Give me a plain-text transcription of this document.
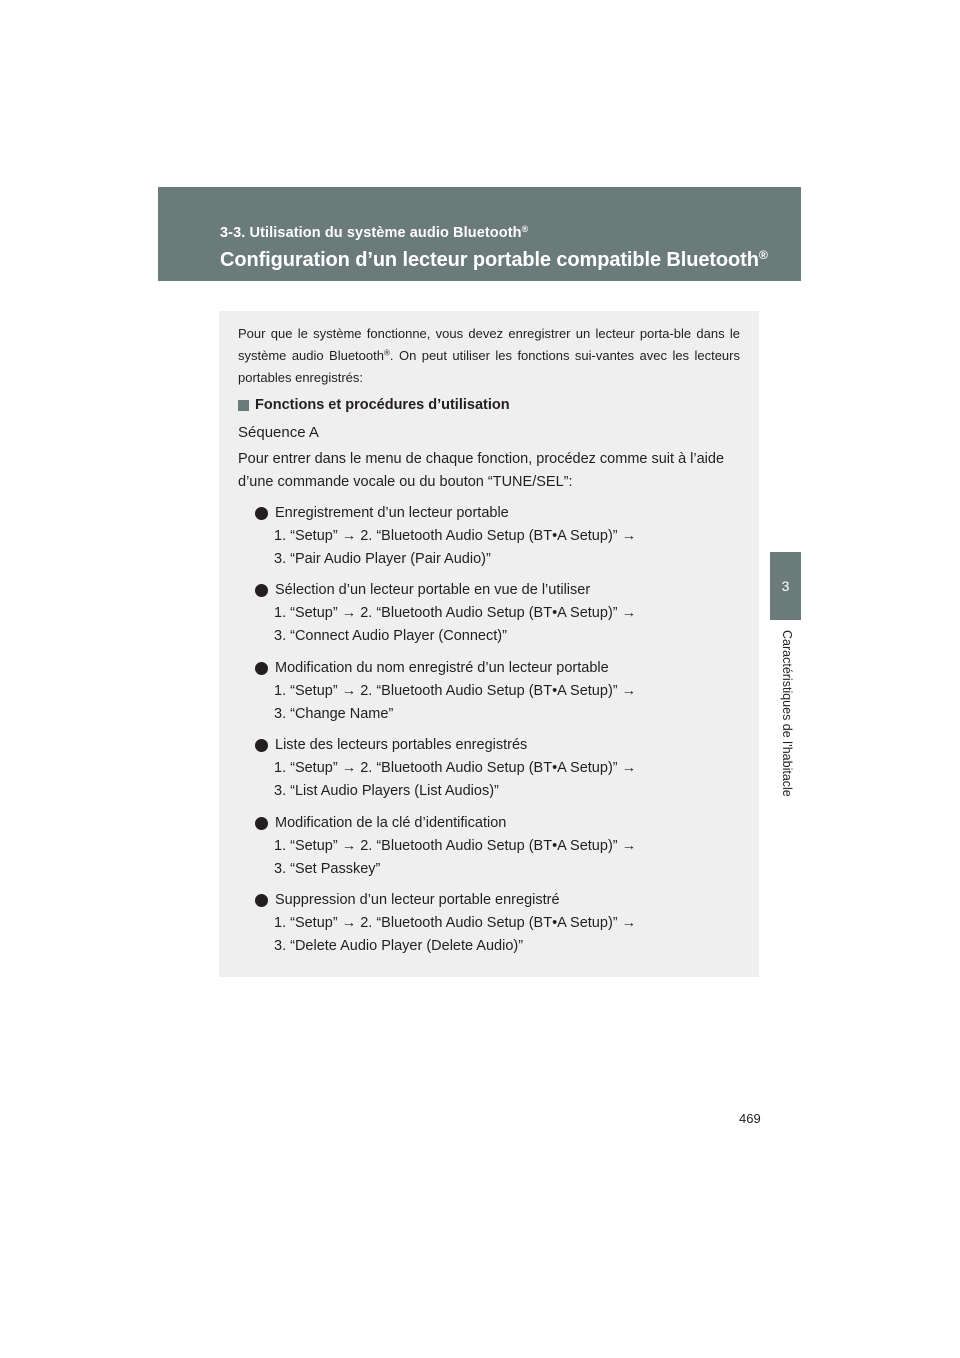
3-3. Utilisation du système audio Bluetooth®
Configuration d’un lecteur portable compatible Bluetooth®
3
Caractéristiques de l’habitacle
Pour que le système fonctionne, vous devez enregistrer un lecteur porta-ble dans le système audio Bluetooth®. On peut utiliser les fonctions sui-vantes avec les lecteurs portables enregistrés:
Fonctions et procédures d’utilisation
Séquence A
Pour entrer dans le menu de chaque fonction, procédez comme suit à l’aide d’une commande vocale ou du bouton “TUNE/SEL”:
Enregistrement d’un lecteur portable
1. “Setup” → 2. “Bluetooth Audio Setup (BT•A Setup)” →
3. “Pair Audio Player (Pair Audio)”
Sélection d’un lecteur portable en vue de l’utiliser
1. “Setup” → 2. “Bluetooth Audio Setup (BT•A Setup)” →
3. “Connect Audio Player (Connect)”
Modification du nom enregistré d’un lecteur portable
1. “Setup” → 2. “Bluetooth Audio Setup (BT•A Setup)” →
3. “Change Name”
Liste des lecteurs portables enregistrés
1. “Setup” → 2. “Bluetooth Audio Setup (BT•A Setup)” →
3. “List Audio Players (List Audios)”
Modification de la clé d’identification
1. “Setup” → 2. “Bluetooth Audio Setup (BT•A Setup)” →
3. “Set Passkey”
Suppression d’un lecteur portable enregistré
1. “Setup” → 2. “Bluetooth Audio Setup (BT•A Setup)” →
3. “Delete Audio Player (Delete Audio)”
469
